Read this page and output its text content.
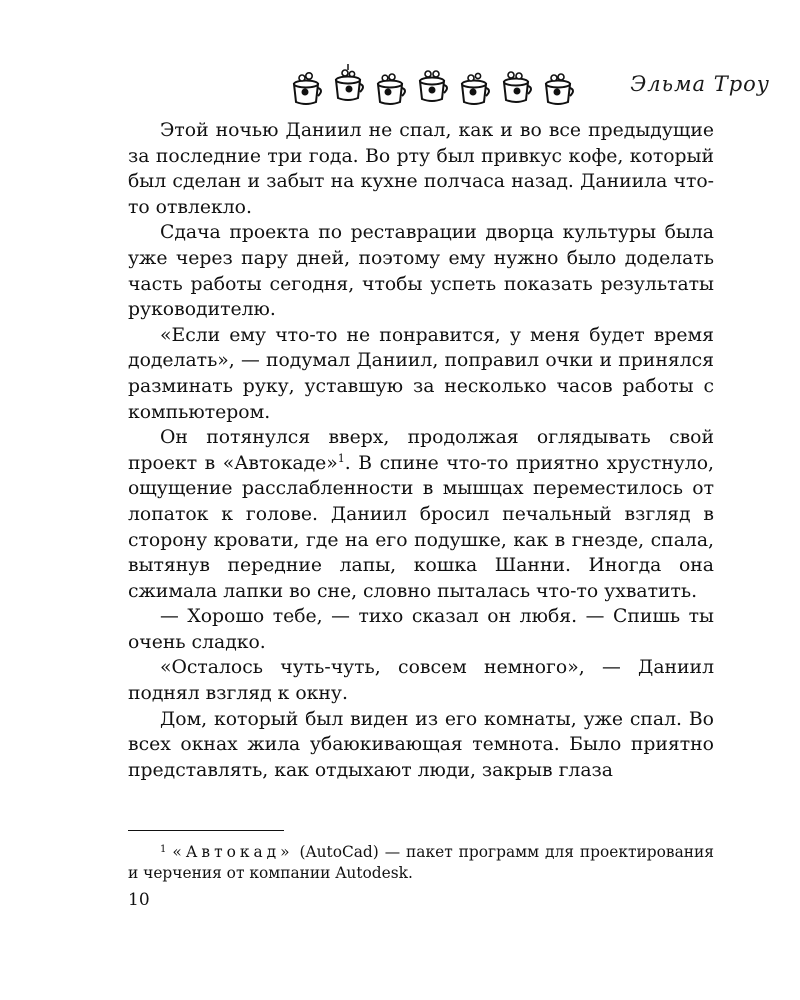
Эльма Троу

Этой ночью Даниил не спал, как и во все предыдущие за последние три года. Во рту был привкус кофе, который был сделан и забыт на кухне полчаса назад. Даниила что-то отвлекло.

Сдача проекта по реставрации дворца культуры была уже через пару дней, поэтому ему нужно было доделать часть работы сегодня, чтобы успеть показать результаты руководителю.

«Если ему что-то не понравится, у меня будет время доделать», — подумал Даниил, поправил очки и принялся разминать руку, уставшую за несколько часов работы с компьютером.

Он потянулся вверх, продолжая оглядывать свой проект в «Автокаде»$^1$. В спине что-то приятно хрустнуло, ощущение расслабленности в мышцах переместилось от лопаток к голове. Даниил бросил печальный взгляд в сторону кровати, где на его подушке, как в гнезде, спала, вытянув передние лапы, кошка Шанни. Иногда она сжимала лапки во сне, словно пыталась что-то ухватить.

— Хорошо тебе, — тихо сказал он любя. — Спишь ты очень сладко.

«Осталось чуть-чуть, совсем немного», — Даниил поднял взгляд к окну.

Дом, который был виден из его комнаты, уже спал. Во всех окнах жила убаюкивающая темнота. Было приятно представлять, как отдыхают люди, закрыв глаза

$^1$ «Автокад» (AutoCad) — пакет программ для проектирования и черчения от компании Autodesk.
10
